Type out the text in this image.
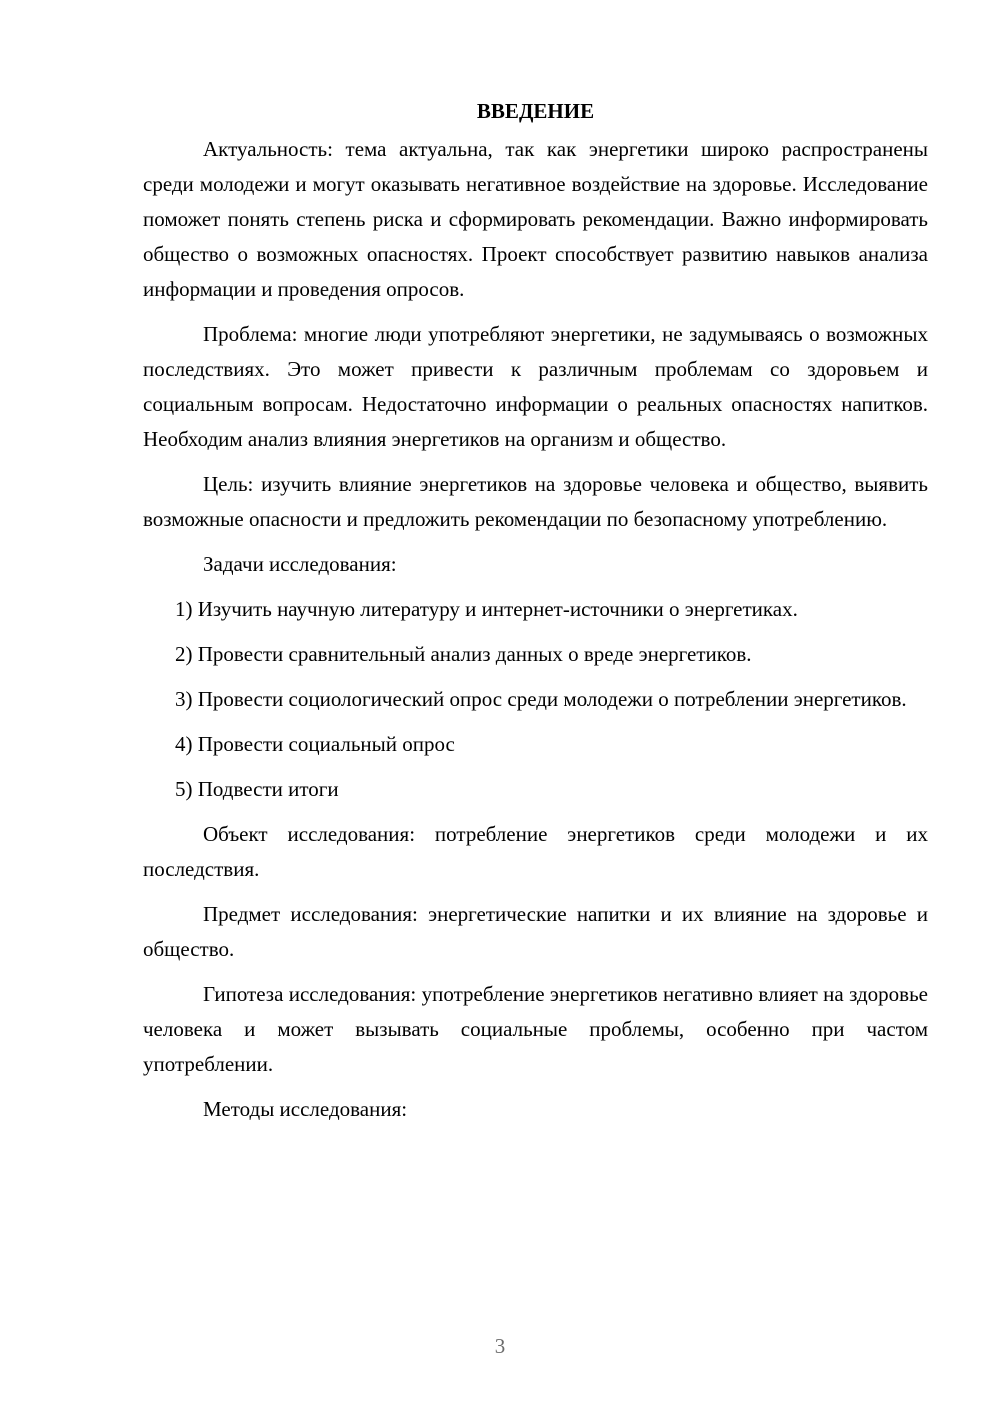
ВВЕДЕНИЕ

Актуальность: тема актуальна, так как энергетики широко распространены среди молодежи и могут оказывать негативное воздействие на здоровье. Исследование поможет понять степень риска и сформировать рекомендации. Важно информировать общество о возможных опасностях. Проект способствует развитию навыков анализа информации и проведения опросов.

Проблема: многие люди употребляют энергетики, не задумываясь о возможных последствиях. Это может привести к различным проблемам со здоровьем и социальным вопросам. Недостаточно информации о реальных опасностях напитков. Необходим анализ влияния энергетиков на организм и общество.

Цель: изучить влияние энергетиков на здоровье человека и общество, выявить возможные опасности и предложить рекомендации по безопасному употреблению.

Задачи исследования:

1) Изучить научную литературу и интернет-источники о энергетиках.

2) Провести сравнительный анализ данных о вреде энергетиков.

3) Провести социологический опрос среди молодежи о потреблении энергетиков.

4) Провести социальный опрос

5) Подвести итоги

Объект исследования: потребление энергетиков среди молодежи и их последствия.

Предмет исследования: энергетические напитки и их влияние на здоровье и общество.

Гипотеза исследования: употребление энергетиков негативно влияет на здоровье человека и может вызывать социальные проблемы, особенно при частом употреблении.

Методы исследования:

3
